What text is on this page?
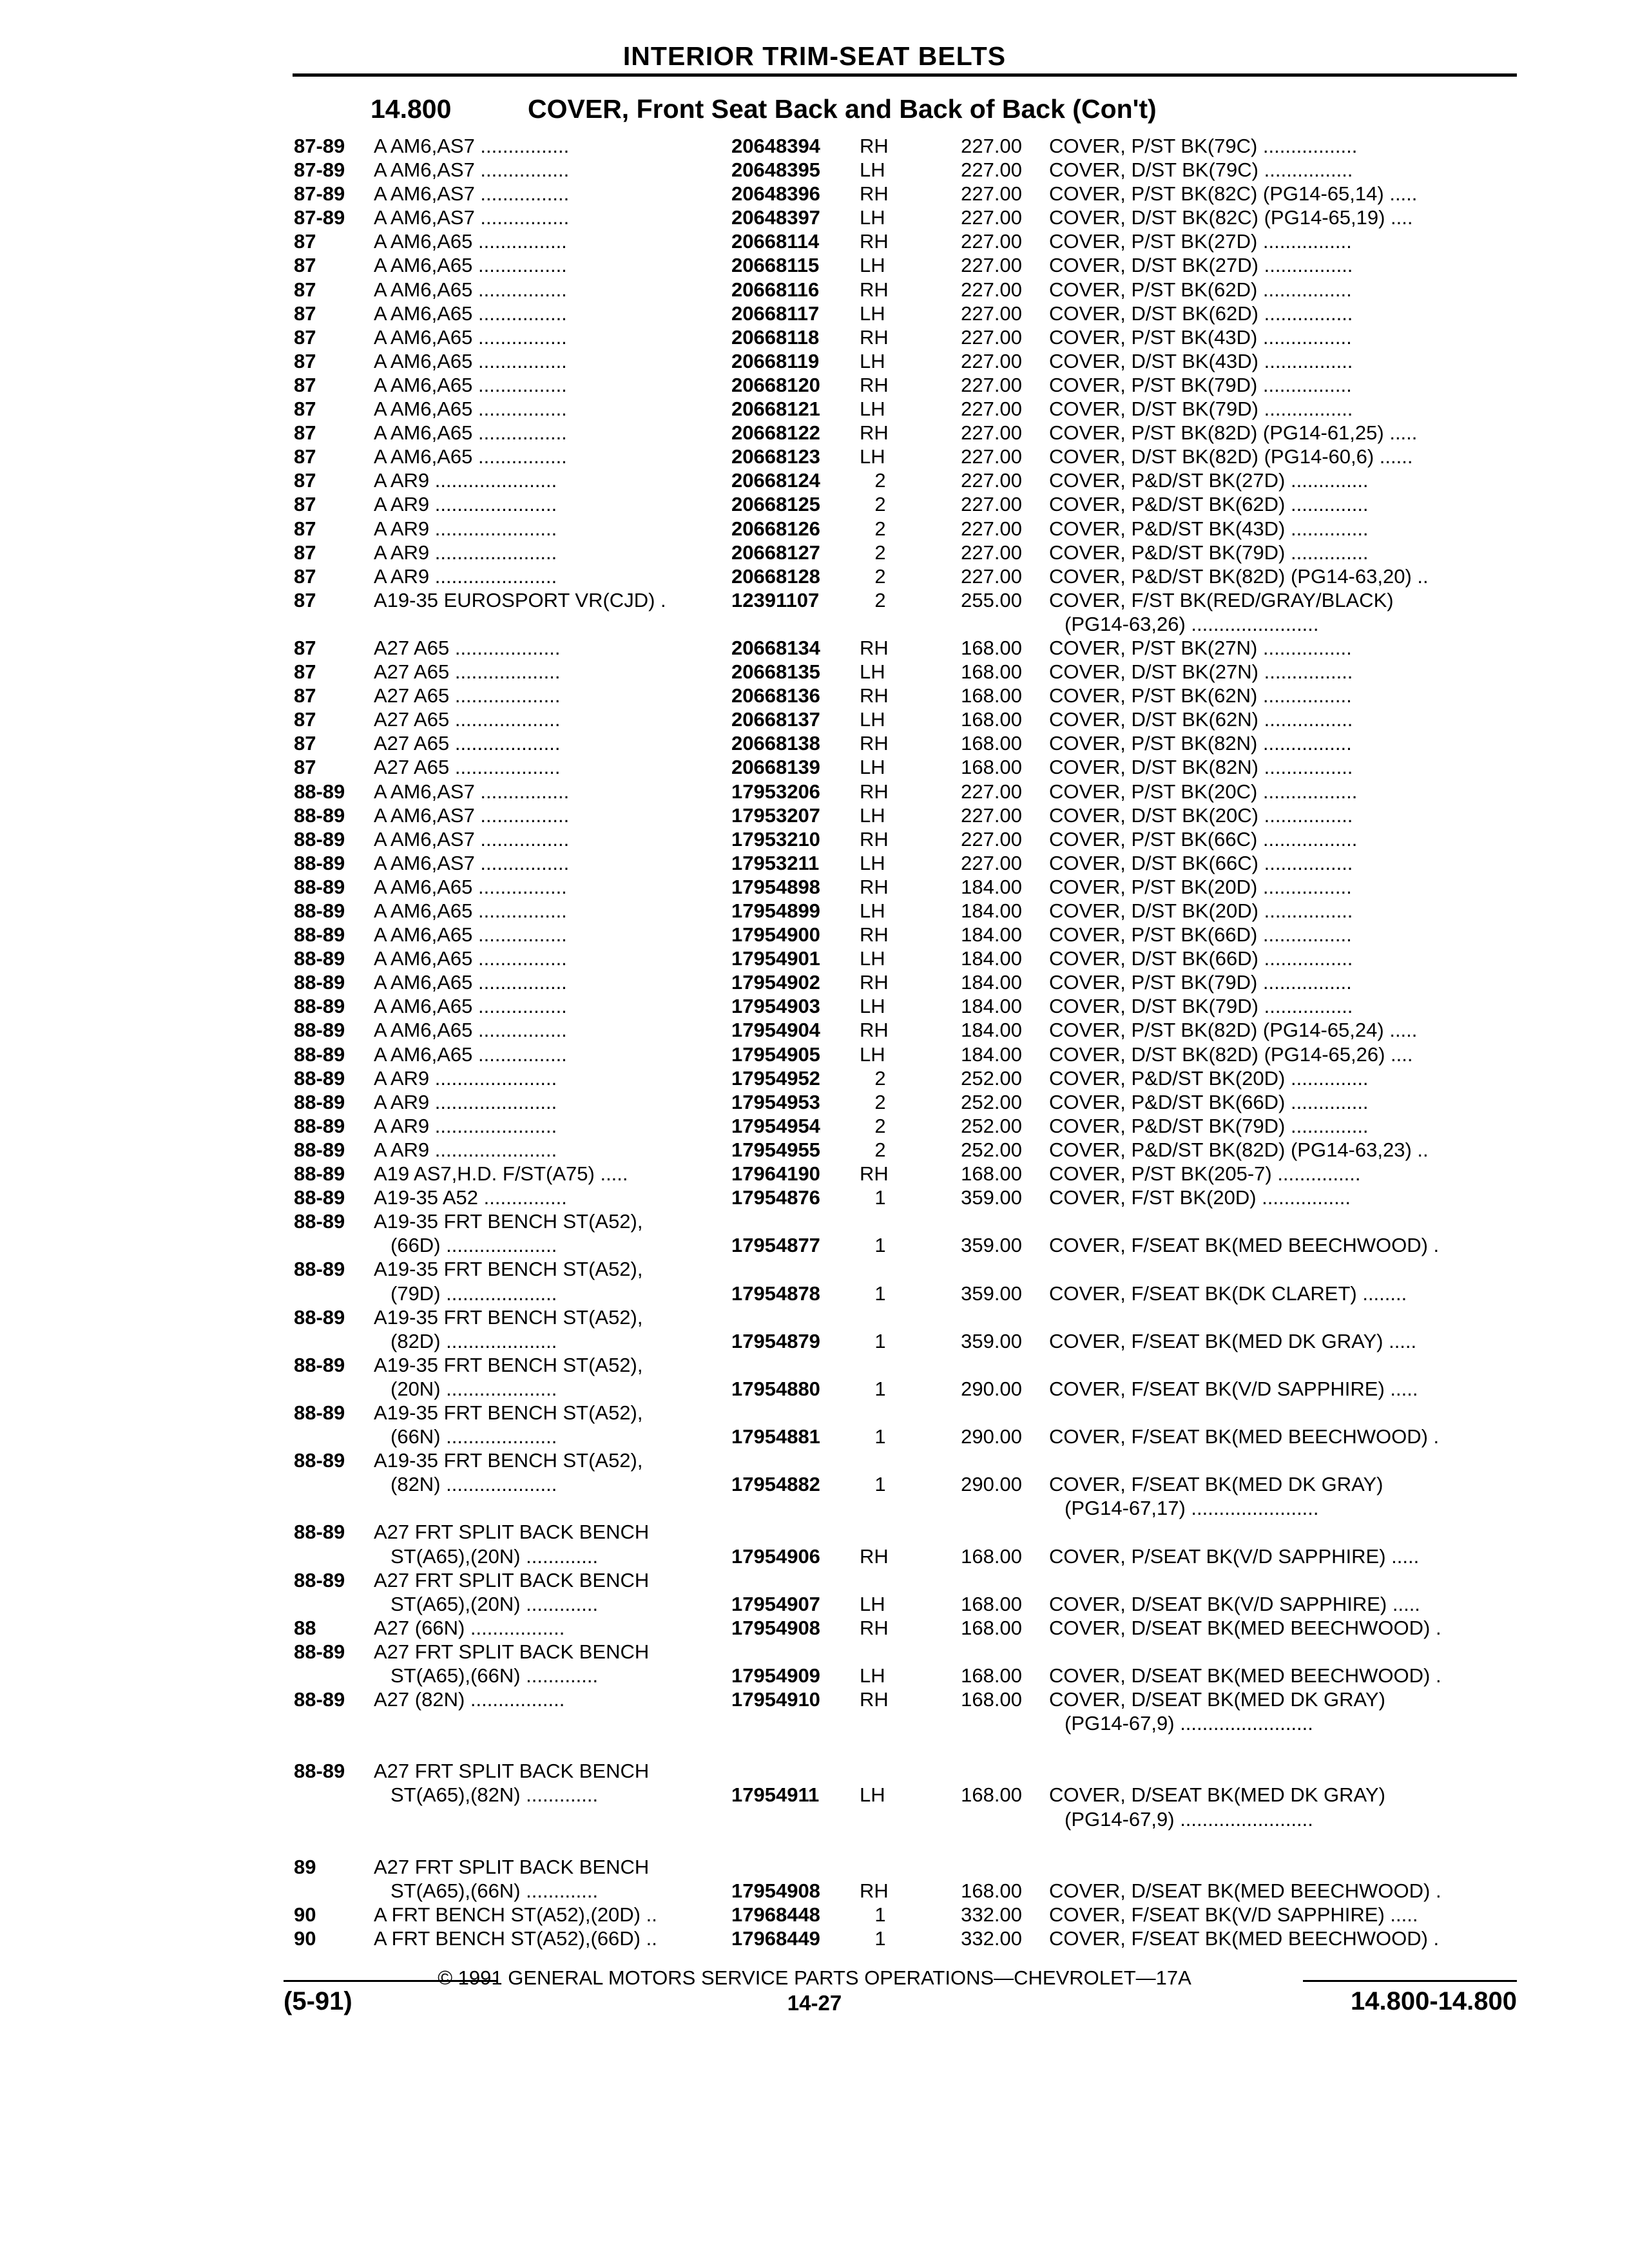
INTERIOR TRIM-SEAT BELTS
14.800	COVER, Front Seat Back and Back of Back (Con't)
87-89 A AM6,AS7 ................	20648394 RH	227.00 COVER, P/ST BK(79C) .................
87-89 A AM6,AS7 ................	20648395 LH	227.00 COVER, D/ST BK(79C) ................
87-89 A AM6,AS7 ................	20648396 RH	227.00 COVER, P/ST BK(82C) (PG14-65,14) .....
87-89 A AM6,AS7 ................	20648397 LH	227.00 COVER, D/ST BK(82C) (PG14-65,19) ....
87	A AM6,A65 ................	20668114 RH	227.00 COVER, P/ST BK(27D) ................
87	A AM6,A65 ................	20668115 LH	227.00 COVER, D/ST BK(27D) ................
87	A AM6,A65 ................	20668116 RH	227.00 COVER, P/ST BK(62D) ................
87	A AM6,A65 ................	20668117 LH	227.00 COVER, D/ST BK(62D) ................
87	A AM6,A65 ................	20668118 RH	227.00 COVER, P/ST BK(43D) ................
87	A AM6,A65 ................	20668119 LH	227.00 COVER, D/ST BK(43D) ................
87	A AM6,A65 ................	20668120 RH	227.00 COVER, P/ST BK(79D) ................
87	A AM6,A65 ................	20668121 LH	227.00 COVER, D/ST BK(79D) ................
87	A AM6,A65 ................	20668122 RH	227.00 COVER, P/ST BK(82D) (PG14-61,25) .....
87	A AM6,A65 ................	20668123 LH	227.00 COVER, D/ST BK(82D) (PG14-60,6) ......
87	A AR9 ......................	20668124	2	227.00 COVER, P&D/ST BK(27D) ..............
87	A AR9 ......................	20668125	2	227.00 COVER, P&D/ST BK(62D) ..............
87	A AR9 ......................	20668126	2	227.00 COVER, P&D/ST BK(43D) ..............
87	A AR9 ......................	20668127	2	227.00 COVER, P&D/ST BK(79D) ..............
87	A AR9 ......................	20668128	2	227.00 COVER, P&D/ST BK(82D) (PG14-63,20) ..
87	A19-35 EUROSPORT VR(CJD) .	12391107	2	255.00 COVER, F/ST BK(RED/GRAY/BLACK)
(PG14-63,26) .......................
87	A27 A65 ...................	20668134 RH	168.00 COVER, P/ST BK(27N) ................
87	A27 A65 ...................	20668135 LH	168.00 COVER, D/ST BK(27N) ................
87	A27 A65 ...................	20668136 RH	168.00 COVER, P/ST BK(62N) ................
87	A27 A65 ...................	20668137 LH	168.00 COVER, D/ST BK(62N) ................
87	A27 A65 ...................	20668138 RH	168.00 COVER, P/ST BK(82N) ................
87	A27 A65 ...................	20668139 LH	168.00 COVER, D/ST BK(82N) ................
88-89 A AM6,AS7 ................	17953206 RH	227.00 COVER, P/ST BK(20C) .................
88-89 A AM6,AS7 ................	17953207 LH	227.00 COVER, D/ST BK(20C) ................
88-89 A AM6,AS7 ................	17953210 RH	227.00 COVER, P/ST BK(66C) .................
88-89 A AM6,AS7 ................	17953211 LH	227.00 COVER, D/ST BK(66C) ................
88-89 A AM6,A65 ................	17954898 RH	184.00 COVER, P/ST BK(20D) ................
88-89 A AM6,A65 ................	17954899 LH	184.00 COVER, D/ST BK(20D) ................
88-89 A AM6,A65 ................	17954900 RH	184.00 COVER, P/ST BK(66D) ................
88-89 A AM6,A65 ................	17954901 LH	184.00 COVER, D/ST BK(66D) ................
88-89 A AM6,A65 ................	17954902 RH	184.00 COVER, P/ST BK(79D) ................
88-89 A AM6,A65 ................	17954903 LH	184.00 COVER, D/ST BK(79D) ................
88-89 A AM6,A65 ................	17954904 RH	184.00 COVER, P/ST BK(82D) (PG14-65,24) .....
88-89 A AM6,A65 ................	17954905 LH	184.00 COVER, D/ST BK(82D) (PG14-65,26) ....
88-89 A AR9 ......................	17954952	2	252.00 COVER, P&D/ST BK(20D) ..............
88-89 A AR9 ......................	17954953	2	252.00 COVER, P&D/ST BK(66D) ..............
88-89 A AR9 ......................	17954954	2	252.00 COVER, P&D/ST BK(79D) ..............
88-89 A AR9 ......................	17954955	2	252.00 COVER, P&D/ST BK(82D) (PG14-63,23) ..
88-89 A19 AS7,H.D. F/ST(A75) .....	17964190 RH	168.00 COVER, P/ST BK(205-7) ...............
88-89 A19-35 A52 ...............	17954876	1	359.00 COVER, F/ST BK(20D) ................
88-89 A19-35 FRT BENCH ST(A52),
(66D) ....................	17954877	1	359.00 COVER, F/SEAT BK(MED BEECHWOOD) .
88-89 A19-35 FRT BENCH ST(A52),
(79D) ....................	17954878	1	359.00 COVER, F/SEAT BK(DK CLARET) ........
88-89 A19-35 FRT BENCH ST(A52),
(82D) ....................	17954879	1	359.00 COVER, F/SEAT BK(MED DK GRAY) .....
88-89 A19-35 FRT BENCH ST(A52),
(20N) ....................	17954880	1	290.00 COVER, F/SEAT BK(V/D SAPPHIRE) .....
88-89 A19-35 FRT BENCH ST(A52),
(66N) ....................	17954881	1	290.00 COVER, F/SEAT BK(MED BEECHWOOD) .
88-89 A19-35 FRT BENCH ST(A52),
(82N) ....................	17954882	1	290.00 COVER, F/SEAT BK(MED DK GRAY)
(PG14-67,17) .......................
88-89 A27 FRT SPLIT BACK BENCH
ST(A65),(20N) .............	17954906 RH	168.00 COVER, P/SEAT BK(V/D SAPPHIRE) .....
88-89 A27 FRT SPLIT BACK BENCH
ST(A65),(20N) .............	17954907 LH	168.00 COVER, D/SEAT BK(V/D SAPPHIRE) .....
88	A27 (66N) .................	17954908 RH	168.00 COVER, D/SEAT BK(MED BEECHWOOD) .
88-89 A27 FRT SPLIT BACK BENCH
ST(A65),(66N) .............	17954909 LH	168.00 COVER, D/SEAT BK(MED BEECHWOOD) .
88-89 A27 (82N) .................	17954910 RH	168.00 COVER, D/SEAT BK(MED DK GRAY)
(PG14-67,9) ........................
88-89 A27 FRT SPLIT BACK BENCH
ST(A65),(82N) .............	17954911 LH	168.00 COVER, D/SEAT BK(MED DK GRAY)
(PG14-67,9) ........................
89	A27 FRT SPLIT BACK BENCH
ST(A65),(66N) .............	17954908 RH	168.00 COVER, D/SEAT BK(MED BEECHWOOD) .
90	A FRT BENCH ST(A52),(20D) ..	17968448	1	332.00 COVER, F/SEAT BK(V/D SAPPHIRE) .....
90	A FRT BENCH ST(A52),(66D) ..	17968449	1	332.00 COVER, F/SEAT BK(MED BEECHWOOD) .
© 1991 GENERAL MOTORS SERVICE PARTS OPERATIONS—CHEVROLET—17A
(5-91)	14-27	14.800-14.800
